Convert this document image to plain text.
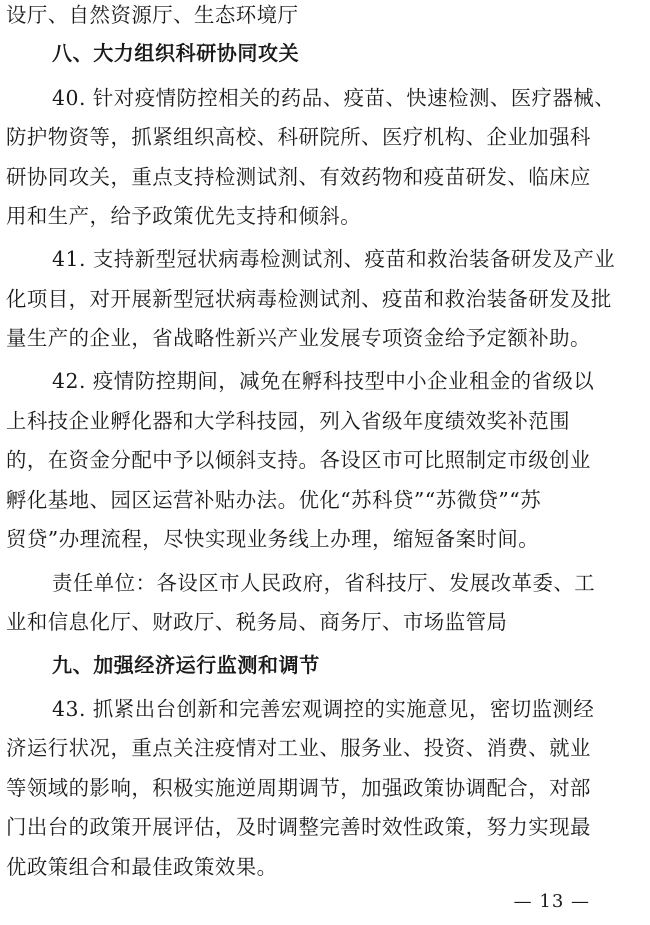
设厅、自然资源厅、生态环境厅
八、大力组织科研协同攻关
40. 针对疫情防控相关的药品、疫苗、快速检测、医疗器械、
防护物资等，抓紧组织高校、科研院所、医疗机构、企业加强科
研协同攻关，重点支持检测试剂、有效药物和疫苗研发、临床应
用和生产，给予政策优先支持和倾斜。
41. 支持新型冠状病毒检测试剂、疫苗和救治装备研发及产业
化项目，对开展新型冠状病毒检测试剂、疫苗和救治装备研发及批
量生产的企业，省战略性新兴产业发展专项资金给予定额补助。
42. 疫情防控期间，减免在孵科技型中小企业租金的省级以
上科技企业孵化器和大学科技园，列入省级年度绩效奖补范围
的，在资金分配中予以倾斜支持。各设区市可比照制定市级创业
孵化基地、园区运营补贴办法。优化“苏科贷”“苏微贷”“苏
贸贷”办理流程，尽快实现业务线上办理，缩短备案时间。
责任单位：各设区市人民政府，省科技厅、发展改革委、工
业和信息化厅、财政厅、税务局、商务厅、市场监管局
九、加强经济运行监测和调节
43. 抓紧出台创新和完善宏观调控的实施意见，密切监测经
济运行状况，重点关注疫情对工业、服务业、投资、消费、就业
等领域的影响，积极实施逆周期调节，加强政策协调配合，对部
门出台的政策开展评估，及时调整完善时效性政策，努力实现最
优政策组合和最佳政策效果。
— 13 —
